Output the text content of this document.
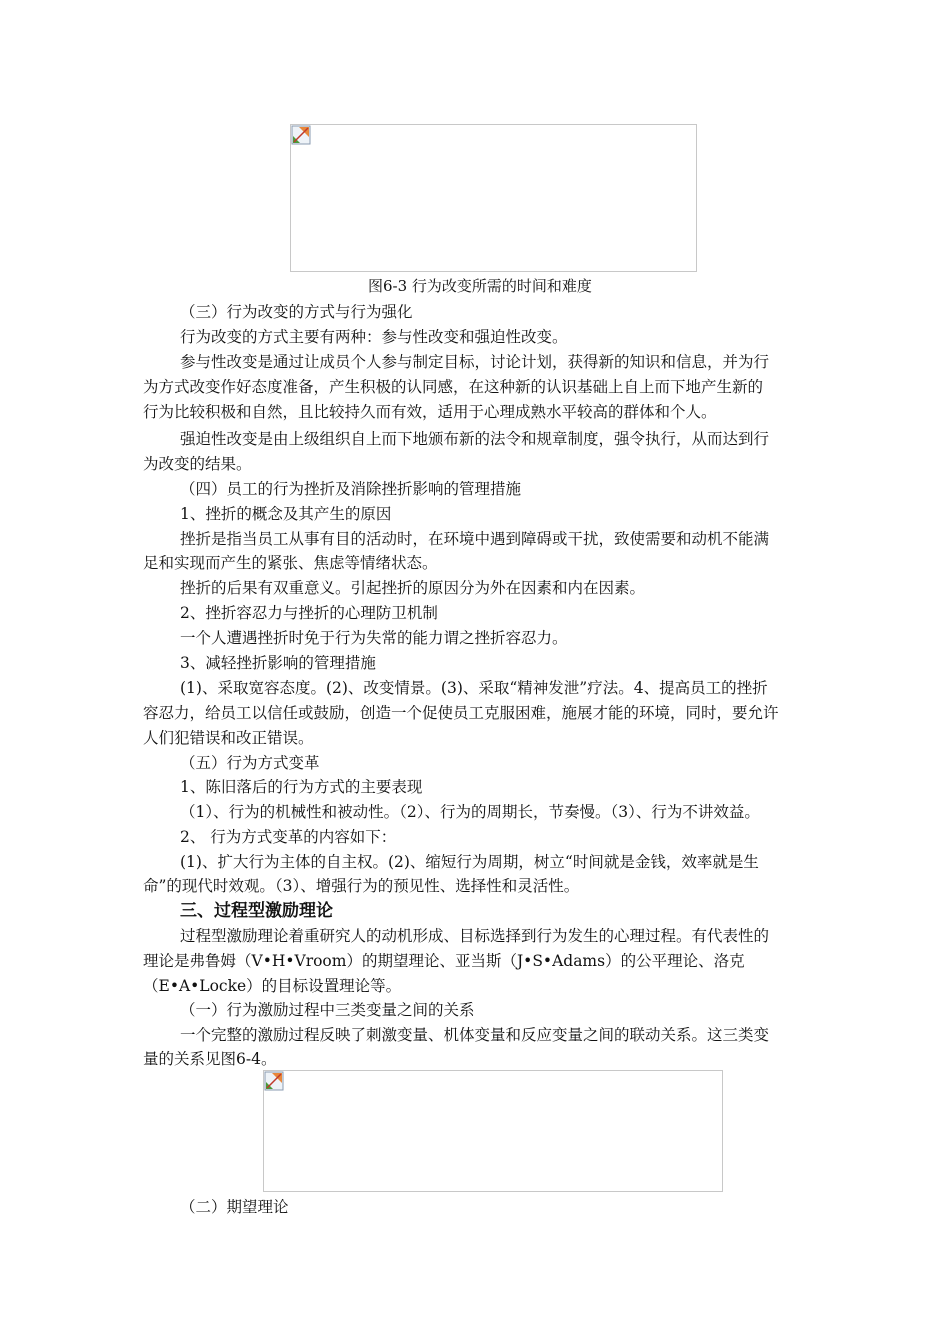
图6-3 行为改变所需的时间和难度
（三）行为改变的方式与行为强化
行为改变的方式主要有两种：参与性改变和强迫性改变。
参与性改变是通过让成员个人参与制定目标，讨论计划，获得新的知识和信息，并为行
为方式改变作好态度准备，产生积极的认同感，在这种新的认识基础上自上而下地产生新的
行为比较积极和自然，且比较持久而有效，适用于心理成熟水平较高的群体和个人。
强迫性改变是由上级组织自上而下地颁布新的法令和规章制度，强令执行，从而达到行
为改变的结果。
（四）员工的行为挫折及消除挫折影响的管理措施
1、挫折的概念及其产生的原因
挫折是指当员工从事有目的活动时，在环境中遇到障碍或干扰，致使需要和动机不能满
足和实现而产生的紧张、焦虑等情绪状态。
挫折的后果有双重意义。引起挫折的原因分为外在因素和内在因素。
2、挫折容忍力与挫折的心理防卫机制
一个人遭遇挫折时免于行为失常的能力谓之挫折容忍力。
3、减轻挫折影响的管理措施
(1)、采取宽容态度。(2)、改变情景。(3)、采取“精神发泄”疗法。4、提高员工的挫折
容忍力，给员工以信任或鼓励，创造一个促使员工克服困难，施展才能的环境，同时，要允许
人们犯错误和改正错误。
（五）行为方式变革
1、陈旧落后的行为方式的主要表现
（1）、行为的机械性和被动性。（2）、行为的周期长，节奏慢。（3）、行为不讲效益。
2、 行为方式变革的内容如下：
(1)、扩大行为主体的自主权。(2)、缩短行为周期，树立“时间就是金钱，效率就是生
命”的现代时效观。（3）、增强行为的预见性、选择性和灵活性。
三、过程型激励理论
过程型激励理论着重研究人的动机形成、目标选择到行为发生的心理过程。有代表性的
理论是弗鲁姆（V•H•Vroom）的期望理论、亚当斯（J•S•Adams）的公平理论、洛克
（E•A•Locke）的目标设置理论等。
（一）行为激励过程中三类变量之间的关系
一个完整的激励过程反映了刺激变量、机体变量和反应变量之间的联动关系。这三类变
量的关系见图6-4。
（二）期望理论
